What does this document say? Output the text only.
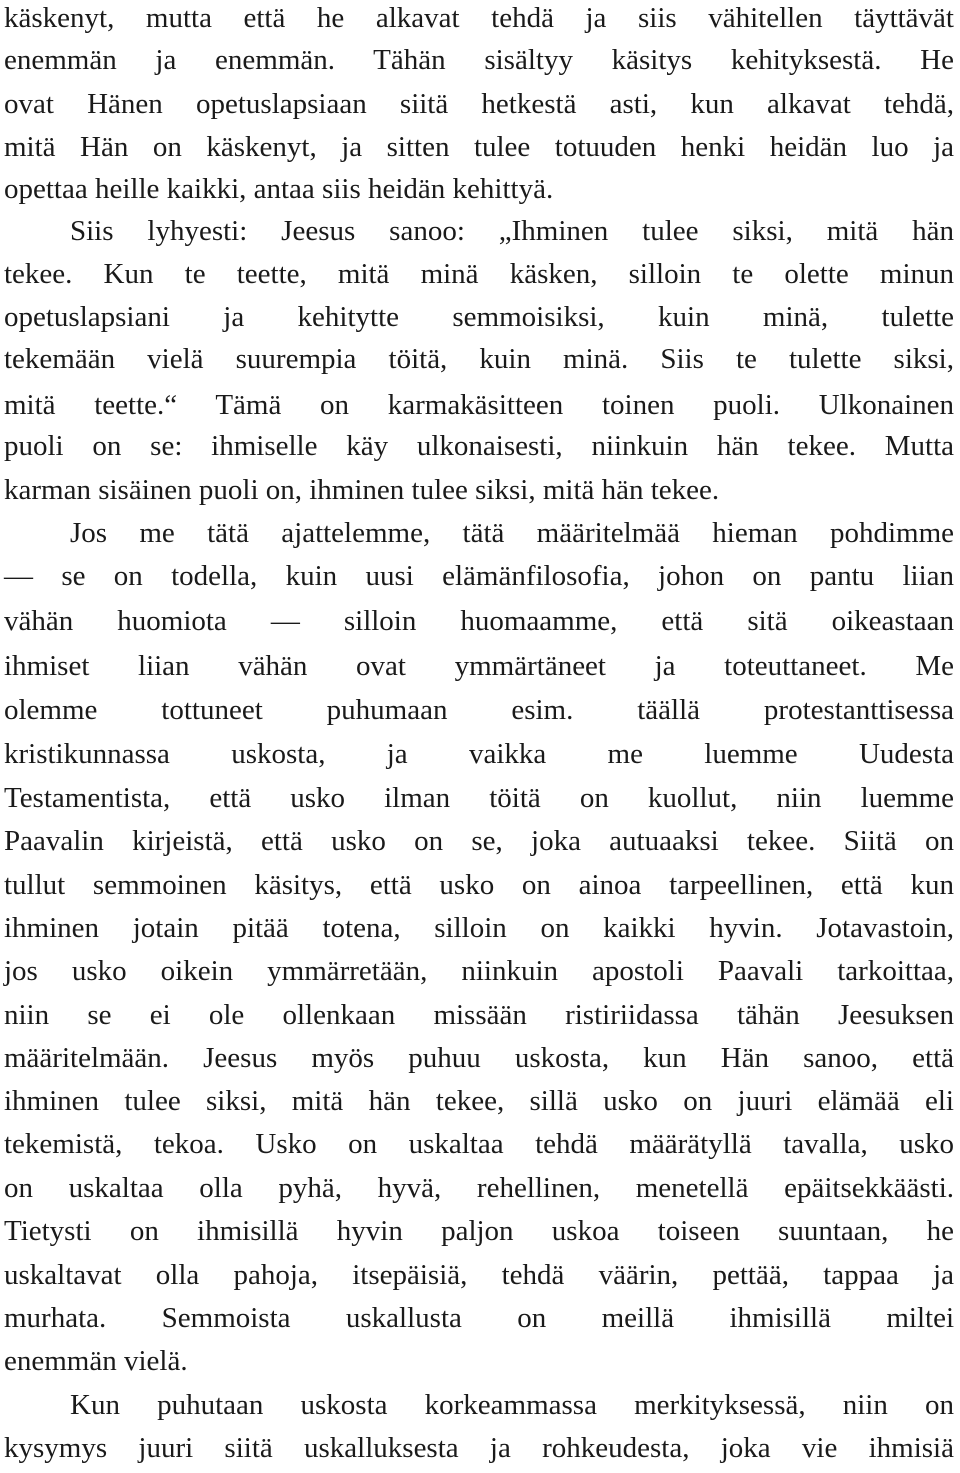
käskenyt, mutta että he alkavat tehdä ja siis vähitellen täyttävät
enemmän ja enemmän. Tähän sisältyy käsitys kehityksestä. He
ovat Hänen opetuslapsiaan siitä hetkestä asti, kun alkavat tehdä,
mitä Hän on käskenyt, ja sitten tulee totuuden henki heidän luo ja
opettaa heille kaikki, antaa siis heidän kehittyä.
Siis lyhyesti: Jeesus sanoo: „Ihminen tulee siksi, mitä hän
tekee. Kun te teette, mitä minä käsken, silloin te olette minun
opetuslapsiani ja kehitytte semmoisiksi, kuin minä, tulette
tekemään vielä suurempia töitä, kuin minä. Siis te tulette siksi,
mitä teette.“ Tämä on karmakäsitteen toinen puoli. Ulkonainen
puoli on se: ihmiselle käy ulkonaisesti, niinkuin hän tekee. Mutta
karman sisäinen puoli on, ihminen tulee siksi, mitä hän tekee.
Jos me tätä ajattelemme, tätä määritelmää hieman pohdimme
— se on todella, kuin uusi elämänfilosofia, johon on pantu liian
vähän huomiota — silloin huomaamme, että sitä oikeastaan
ihmiset liian vähän ovat ymmärtäneet ja toteuttaneet. Me
olemme tottuneet puhumaan esim. täällä protestanttisessa
kristikunnassa uskosta, ja vaikka me luemme Uudesta
Testamentista, että usko ilman töitä on kuollut, niin luemme
Paavalin kirjeistä, että usko on se, joka autuaaksi tekee. Siitä on
tullut semmoinen käsitys, että usko on ainoa tarpeellinen, että kun
ihminen jotain pitää totena, silloin on kaikki hyvin. Jotavastoin,
jos usko oikein ymmärretään, niinkuin apostoli Paavali tarkoittaa,
niin se ei ole ollenkaan missään ristiriidassa tähän Jeesuksen
määritelmään. Jeesus myös puhuu uskosta, kun Hän sanoo, että
ihminen tulee siksi, mitä hän tekee, sillä usko on juuri elämää eli
tekemistä, tekoa. Usko on uskaltaa tehdä määrätyllä tavalla, usko
on uskaltaa olla pyhä, hyvä, rehellinen, menetellä epäitsekkäästi.
Tietysti on ihmisillä hyvin paljon uskoa toiseen suuntaan, he
uskaltavat olla pahoja, itsepäisiä, tehdä väärin, pettää, tappaa ja
murhata. Semmoista uskallusta on meillä ihmisillä miltei
enemmän vielä.
Kun puhutaan uskosta korkeammassa merkityksessä, niin on
kysymys juuri siitä uskalluksesta ja rohkeudesta, joka vie ihmisiä
